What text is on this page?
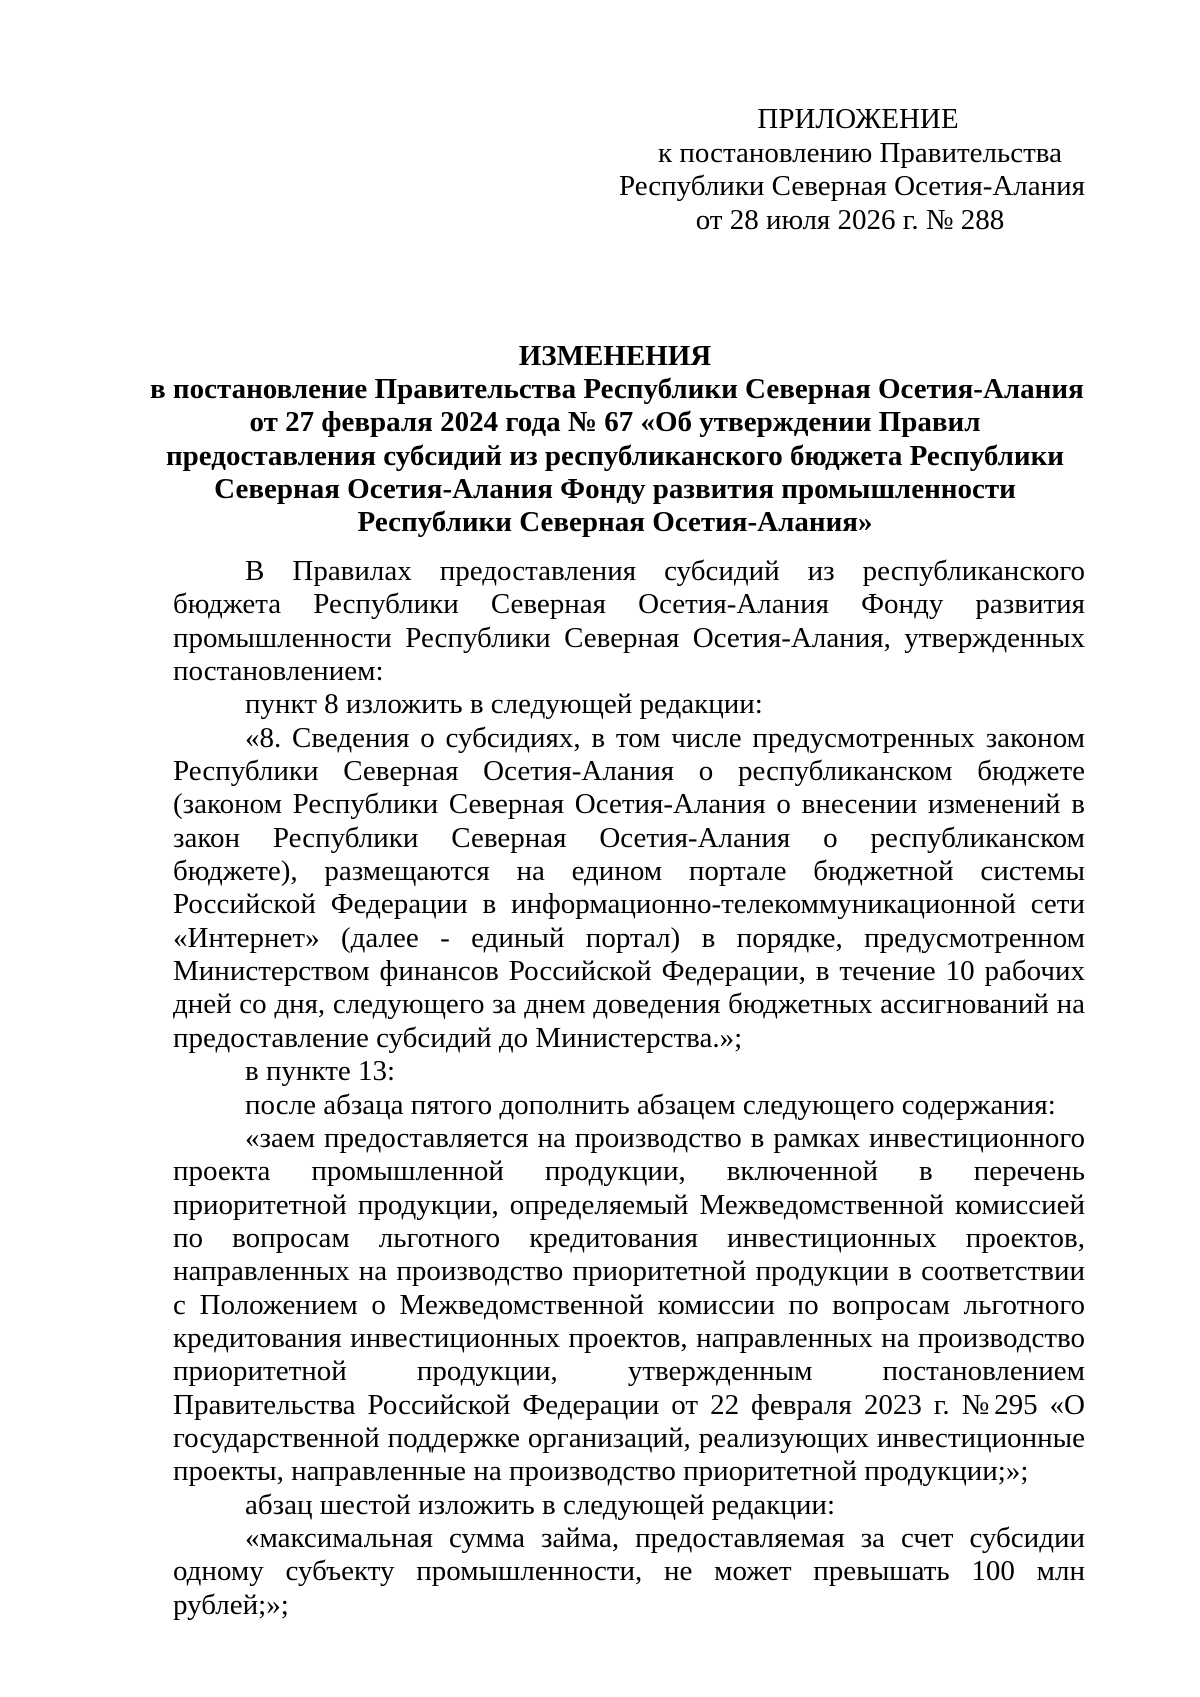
ПРИЛОЖЕНИЕ
к постановлению Правительства
Республики Северная Осетия-Алания
от 28 июля 2026 г. № 288
ИЗМЕНЕНИЯ
в постановление Правительства Республики Северная Осетия-Алания
от 27 февраля 2024 года № 67 «Об утверждении Правил
предоставления субсидий из республиканского бюджета Республики
Северная Осетия-Алания Фонду развития промышленности
Республики Северная Осетия-Алания»

В Правилах предоставления субсидий из республиканского бюджета Республики Северная Осетия-Алания Фонду развития промышленности Республики Северная Осетия-Алания, утвержденных постановлением:

пункт 8 изложить в следующей редакции:

«8. Сведения о субсидиях, в том числе предусмотренных законом Республики Северная Осетия-Алания о республиканском бюджете (законом Республики Северная Осетия-Алания о внесении изменений в закон Республики Северная Осетия-Алания о республиканском бюджете), размещаются на едином портале бюджетной системы Российской Федерации в информационно-телекоммуникационной сети «Интернет» (далее - единый портал) в порядке, предусмотренном Министерством финансов Российской Федерации, в течение 10 рабочих дней со дня, следующего за днем доведения бюджетных ассигнований на предоставление субсидий до Министерства.»;

в пункте 13:

после абзаца пятого дополнить абзацем следующего содержания:

«заем предоставляется на производство в рамках инвестиционного проекта промышленной продукции, включенной в перечень приоритетной продукции, определяемый Межведомственной комиссией по вопросам льготного кредитования инвестиционных проектов, направленных на производство приоритетной продукции в соответствии с Положением о Межведомственной комиссии по вопросам льготного кредитования инвестиционных проектов, направленных на производство приоритетной продукции, утвержденным постановлением Правительства Российской Федерации от 22 февраля 2023 г. №295 «О государственной поддержке организаций, реализующих инвестиционные проекты, направленные на производство приоритетной продукции;»;

абзац шестой изложить в следующей редакции:

«максимальная сумма займа, предоставляемая за счет субсидии одному субъекту промышленности, не может превышать 100 млн рублей;»;
